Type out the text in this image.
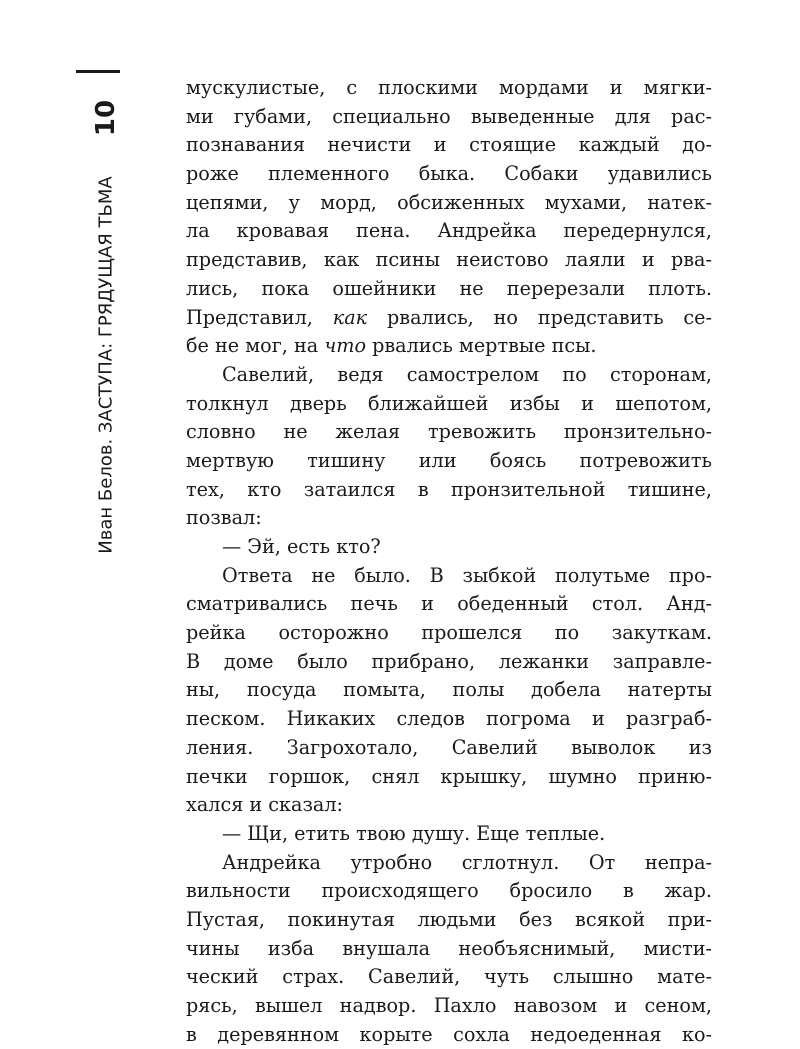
10
Иван Белов. ЗАСТУПА: ГРЯДУЩАЯ ТЬМА
мускулистые, с плоскими мордами и мягки-
ми губами, специально выведенные для рас-
познавания нечисти и стоящие каждый до-
роже племенного быка. Собаки удавились
цепями, у морд, обсиженных мухами, натек-
ла кровавая пена. Андрейка передернулся,
представив, как псины неистово лаяли и рва-
лись, пока ошейники не перерезали плоть.
Представил, как рвались, но представить се-
бе не мог, на что рвались мертвые псы.
Савелий, ведя самострелом по сторонам,
толкнул дверь ближайшей избы и шепотом,
словно не желая тревожить пронзительно-
мертвую тишину или боясь потревожить
тех, кто затаился в пронзительной тишине,
позвал:
— Эй, есть кто?
Ответа не было. В зыбкой полутьме про-
сматривались печь и обеденный стол. Анд-
рейка осторожно прошелся по закуткам.
В доме было прибрано, лежанки заправле-
ны, посуда помыта, полы добела натерты
песком. Никаких следов погрома и разграб-
ления. Загрохотало, Савелий выволок из
печки горшок, снял крышку, шумно приню-
хался и сказал:
— Щи, етить твою душу. Еще теплые.
Андрейка утробно сглотнул. От непра-
вильности происходящего бросило в жар.
Пустая, покинутая людьми без всякой при-
чины изба внушала необъяснимый, мисти-
ческий страх. Савелий, чуть слышно мате-
рясь, вышел надвор. Пахло навозом и сеном,
в деревянном корыте сохла недоеденная ко-
